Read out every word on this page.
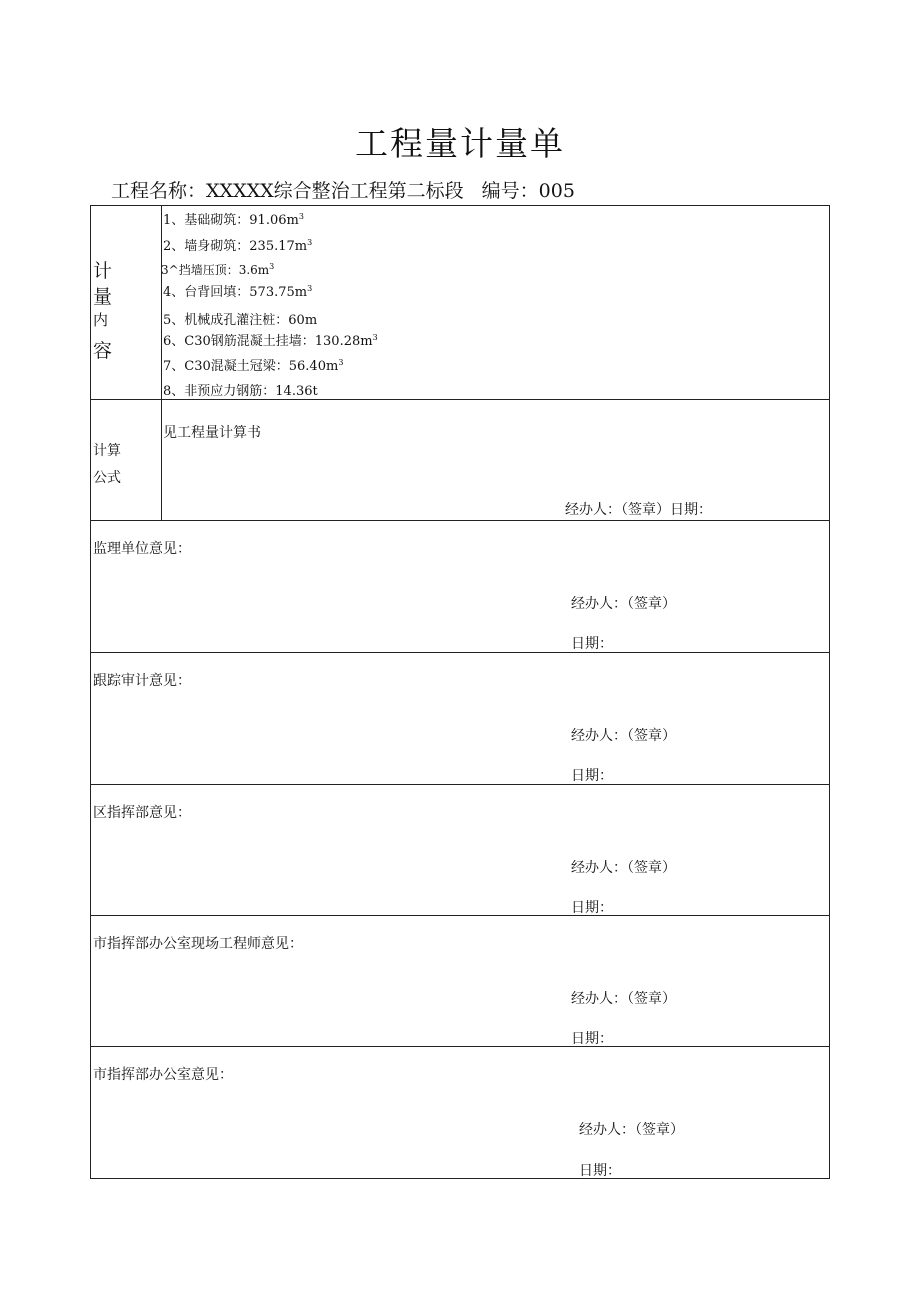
工程量计量单
工程名称：XXXXX综合整治工程第二标段 编号：005
计
量
内
容
1、基础砌筑：$91.06m^3$
2、墙身砌筑：$235.17m^3$
3^挡墙压顶：$3.6m^3$
4、台背回填：$573.75m^3$
5、机械成孔灌注桩：60m
6、C30钢筋混凝土挂墙：$130.28m^3$
7、C30混凝土冠梁：$56.40m^3$
8、非预应力钢筋：14.36t
计算
公式
见工程量计算书
经办人：（签章）日期：
监理单位意见：
经办人：（签章）
日期：
跟踪审计意见：
经办人：（签章）
日期：
区指挥部意见：
经办人：（签章）
日期：
市指挥部办公室现场工程师意见：
经办人：（签章）
日期：
市指挥部办公室意见：
经办人：（签章）
日期：
